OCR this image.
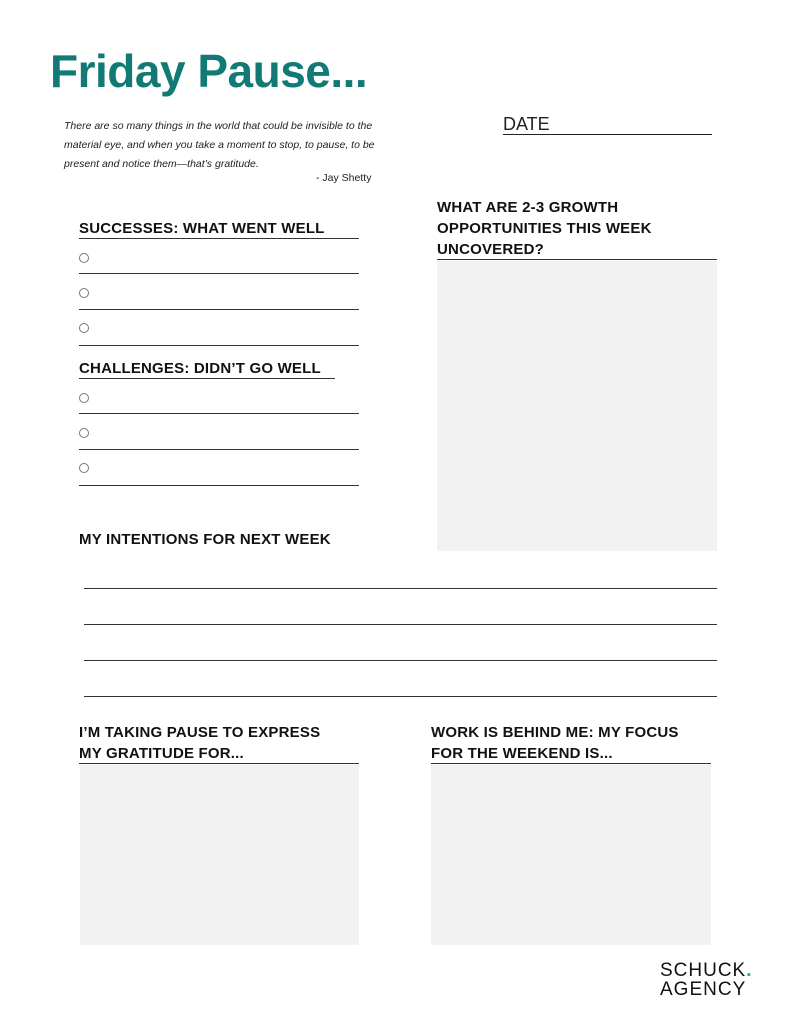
Friday Pause...
There are so many things in the world that could be invisible to the material eye, and when you take a moment to stop, to pause, to be present and notice them—that’s gratitude.
- Jay Shetty
DATE
SUCCESSES: WHAT WENT WELL
CHALLENGES: DIDN’T GO WELL
WHAT ARE 2-3 GROWTH
OPPORTUNITIES THIS WEEK
UNCOVERED?
MY INTENTIONS FOR NEXT WEEK
I’M TAKING PAUSE TO EXPRESS
MY GRATITUDE FOR...
WORK IS BEHIND ME: MY FOCUS
FOR THE WEEKEND IS...
SCHUCK.
AGENCY
